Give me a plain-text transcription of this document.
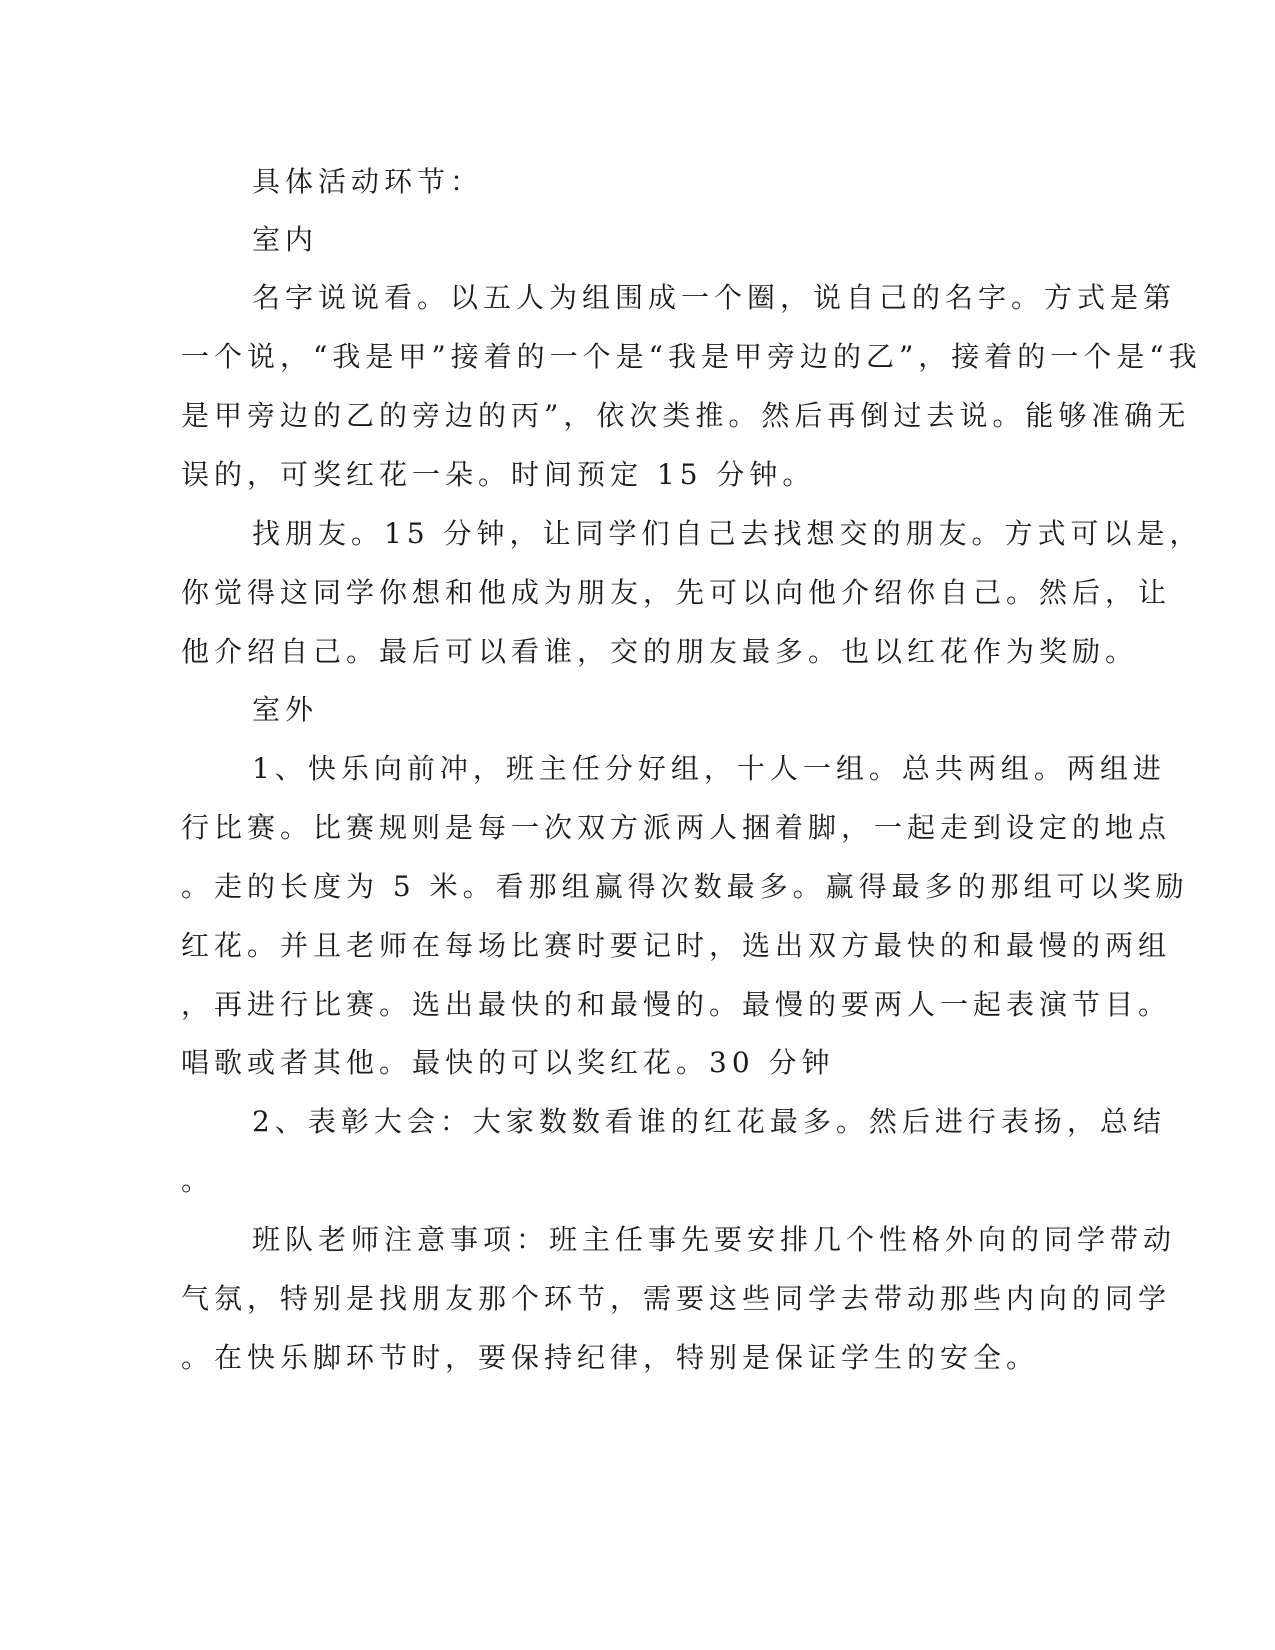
具体活动环节：
室内
名字说说看。以五人为组围成一个圈，说自己的名字。方式是第
一个说，“我是甲”接着的一个是“我是甲旁边的乙”，接着的一个是“我
是甲旁边的乙的旁边的丙”，依次类推。然后再倒过去说。能够准确无
误的，可奖红花一朵。时间预定 15 分钟。
找朋友。15 分钟，让同学们自己去找想交的朋友。方式可以是，
你觉得这同学你想和他成为朋友，先可以向他介绍你自己。然后，让
他介绍自己。最后可以看谁，交的朋友最多。也以红花作为奖励。
室外
1、快乐向前冲，班主任分好组，十人一组。总共两组。两组进
行比赛。比赛规则是每一次双方派两人捆着脚，一起走到设定的地点
。走的长度为 5 米。看那组赢得次数最多。赢得最多的那组可以奖励
红花。并且老师在每场比赛时要记时，选出双方最快的和最慢的两组
，再进行比赛。选出最快的和最慢的。最慢的要两人一起表演节目。
唱歌或者其他。最快的可以奖红花。30 分钟
2、表彰大会：大家数数看谁的红花最多。然后进行表扬，总结
。
班队老师注意事项：班主任事先要安排几个性格外向的同学带动
气氛，特别是找朋友那个环节，需要这些同学去带动那些内向的同学
。在快乐脚环节时，要保持纪律，特别是保证学生的安全。
